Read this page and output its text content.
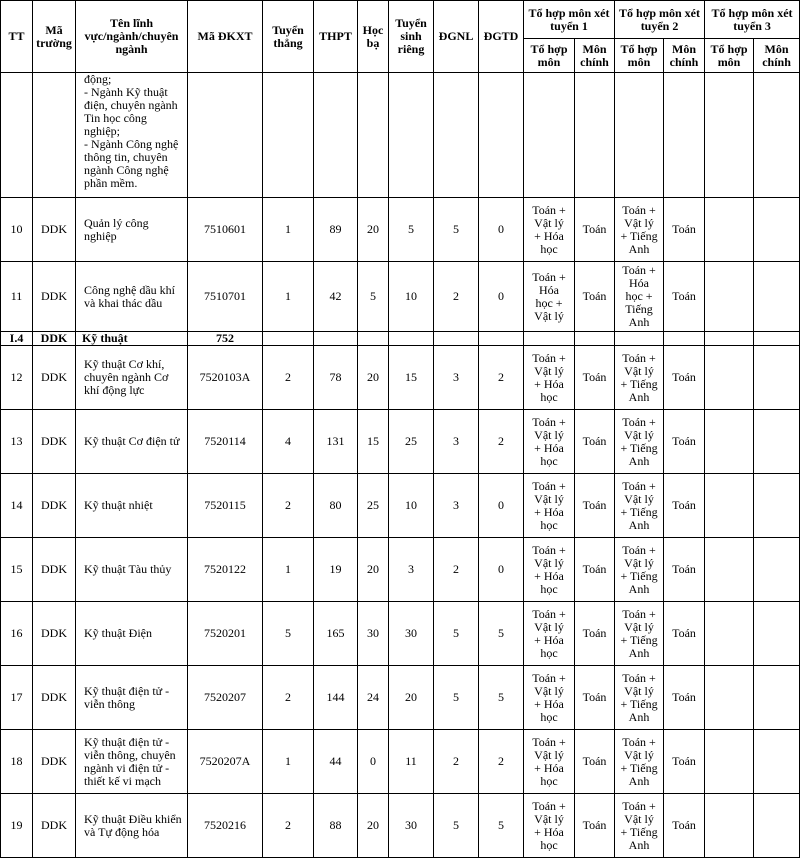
TT	Mã trường	Tên lĩnh vực/ngành/chuyên ngành	Mã ĐKXT	Tuyển thẳng	THPT	Học bạ	Tuyển sinh riêng	ĐGNL	ĐGTD	Tổ hợp môn xét tuyển 1		Tổ hợp môn xét tuyển 2		Tổ hợp môn xét tuyển 3	
										Tổ hợp môn	Môn chính	Tổ hợp môn	Môn chính	Tổ hợp môn	Môn chính
		động;
- Ngành Kỹ thuật điện, chuyên ngành Tin học công nghiệp;
- Ngành Công nghệ thông tin, chuyên ngành Công nghệ phần mềm.													
10	DDK	Quản lý công
nghiệp	7510601	1	89	20	5	5	0	Toán +
Vật lý
+ Hóa
học	Toán	Toán +
Vật lý
+ Tiếng
Anh	Toán		
11	DDK	Công nghệ dầu khí
và khai thác dầu	7510701	1	42	5	10	2	0	Toán +
Hóa
học +
Vật lý	Toán	Toán +
Hóa
học +
Tiếng
Anh	Toán		
I.4	DDK	Kỹ thuật	752												
12	DDK	Kỹ thuật Cơ khí,
chuyên ngành Cơ
khí động lực	7520103A	2	78	20	15	3	2	Toán +
Vật lý
+ Hóa
học	Toán	Toán +
Vật lý
+ Tiếng
Anh	Toán		
13	DDK	Kỹ thuật Cơ điện tử	7520114	4	131	15	25	3	2	Toán +
Vật lý
+ Hóa
học	Toán	Toán +
Vật lý
+ Tiếng
Anh	Toán		
14	DDK	Kỹ thuật nhiệt	7520115	2	80	25	10	3	0	Toán +
Vật lý
+ Hóa
học	Toán	Toán +
Vật lý
+ Tiếng
Anh	Toán		
15	DDK	Kỹ thuật Tàu thủy	7520122	1	19	20	3	2	0	Toán +
Vật lý
+ Hóa
học	Toán	Toán +
Vật lý
+ Tiếng
Anh	Toán		
16	DDK	Kỹ thuật Điện	7520201	5	165	30	30	5	5	Toán +
Vật lý
+ Hóa
học	Toán	Toán +
Vật lý
+ Tiếng
Anh	Toán		
17	DDK	Kỹ thuật điện tử -
viễn thông	7520207	2	144	24	20	5	5	Toán +
Vật lý
+ Hóa
học	Toán	Toán +
Vật lý
+ Tiếng
Anh	Toán		
18	DDK	Kỹ thuật điện tử -
viễn thông, chuyên
ngành vi điện tử -
thiết kế vi mạch	7520207A	1	44	0	11	2	2	Toán +
Vật lý
+ Hóa
học	Toán	Toán +
Vật lý
+ Tiếng
Anh	Toán		
19	DDK	Kỹ thuật Điều khiển
và Tự động hóa	7520216	2	88	20	30	5	5	Toán +
Vật lý
+ Hóa
học	Toán	Toán +
Vật lý
+ Tiếng
Anh	Toán		
